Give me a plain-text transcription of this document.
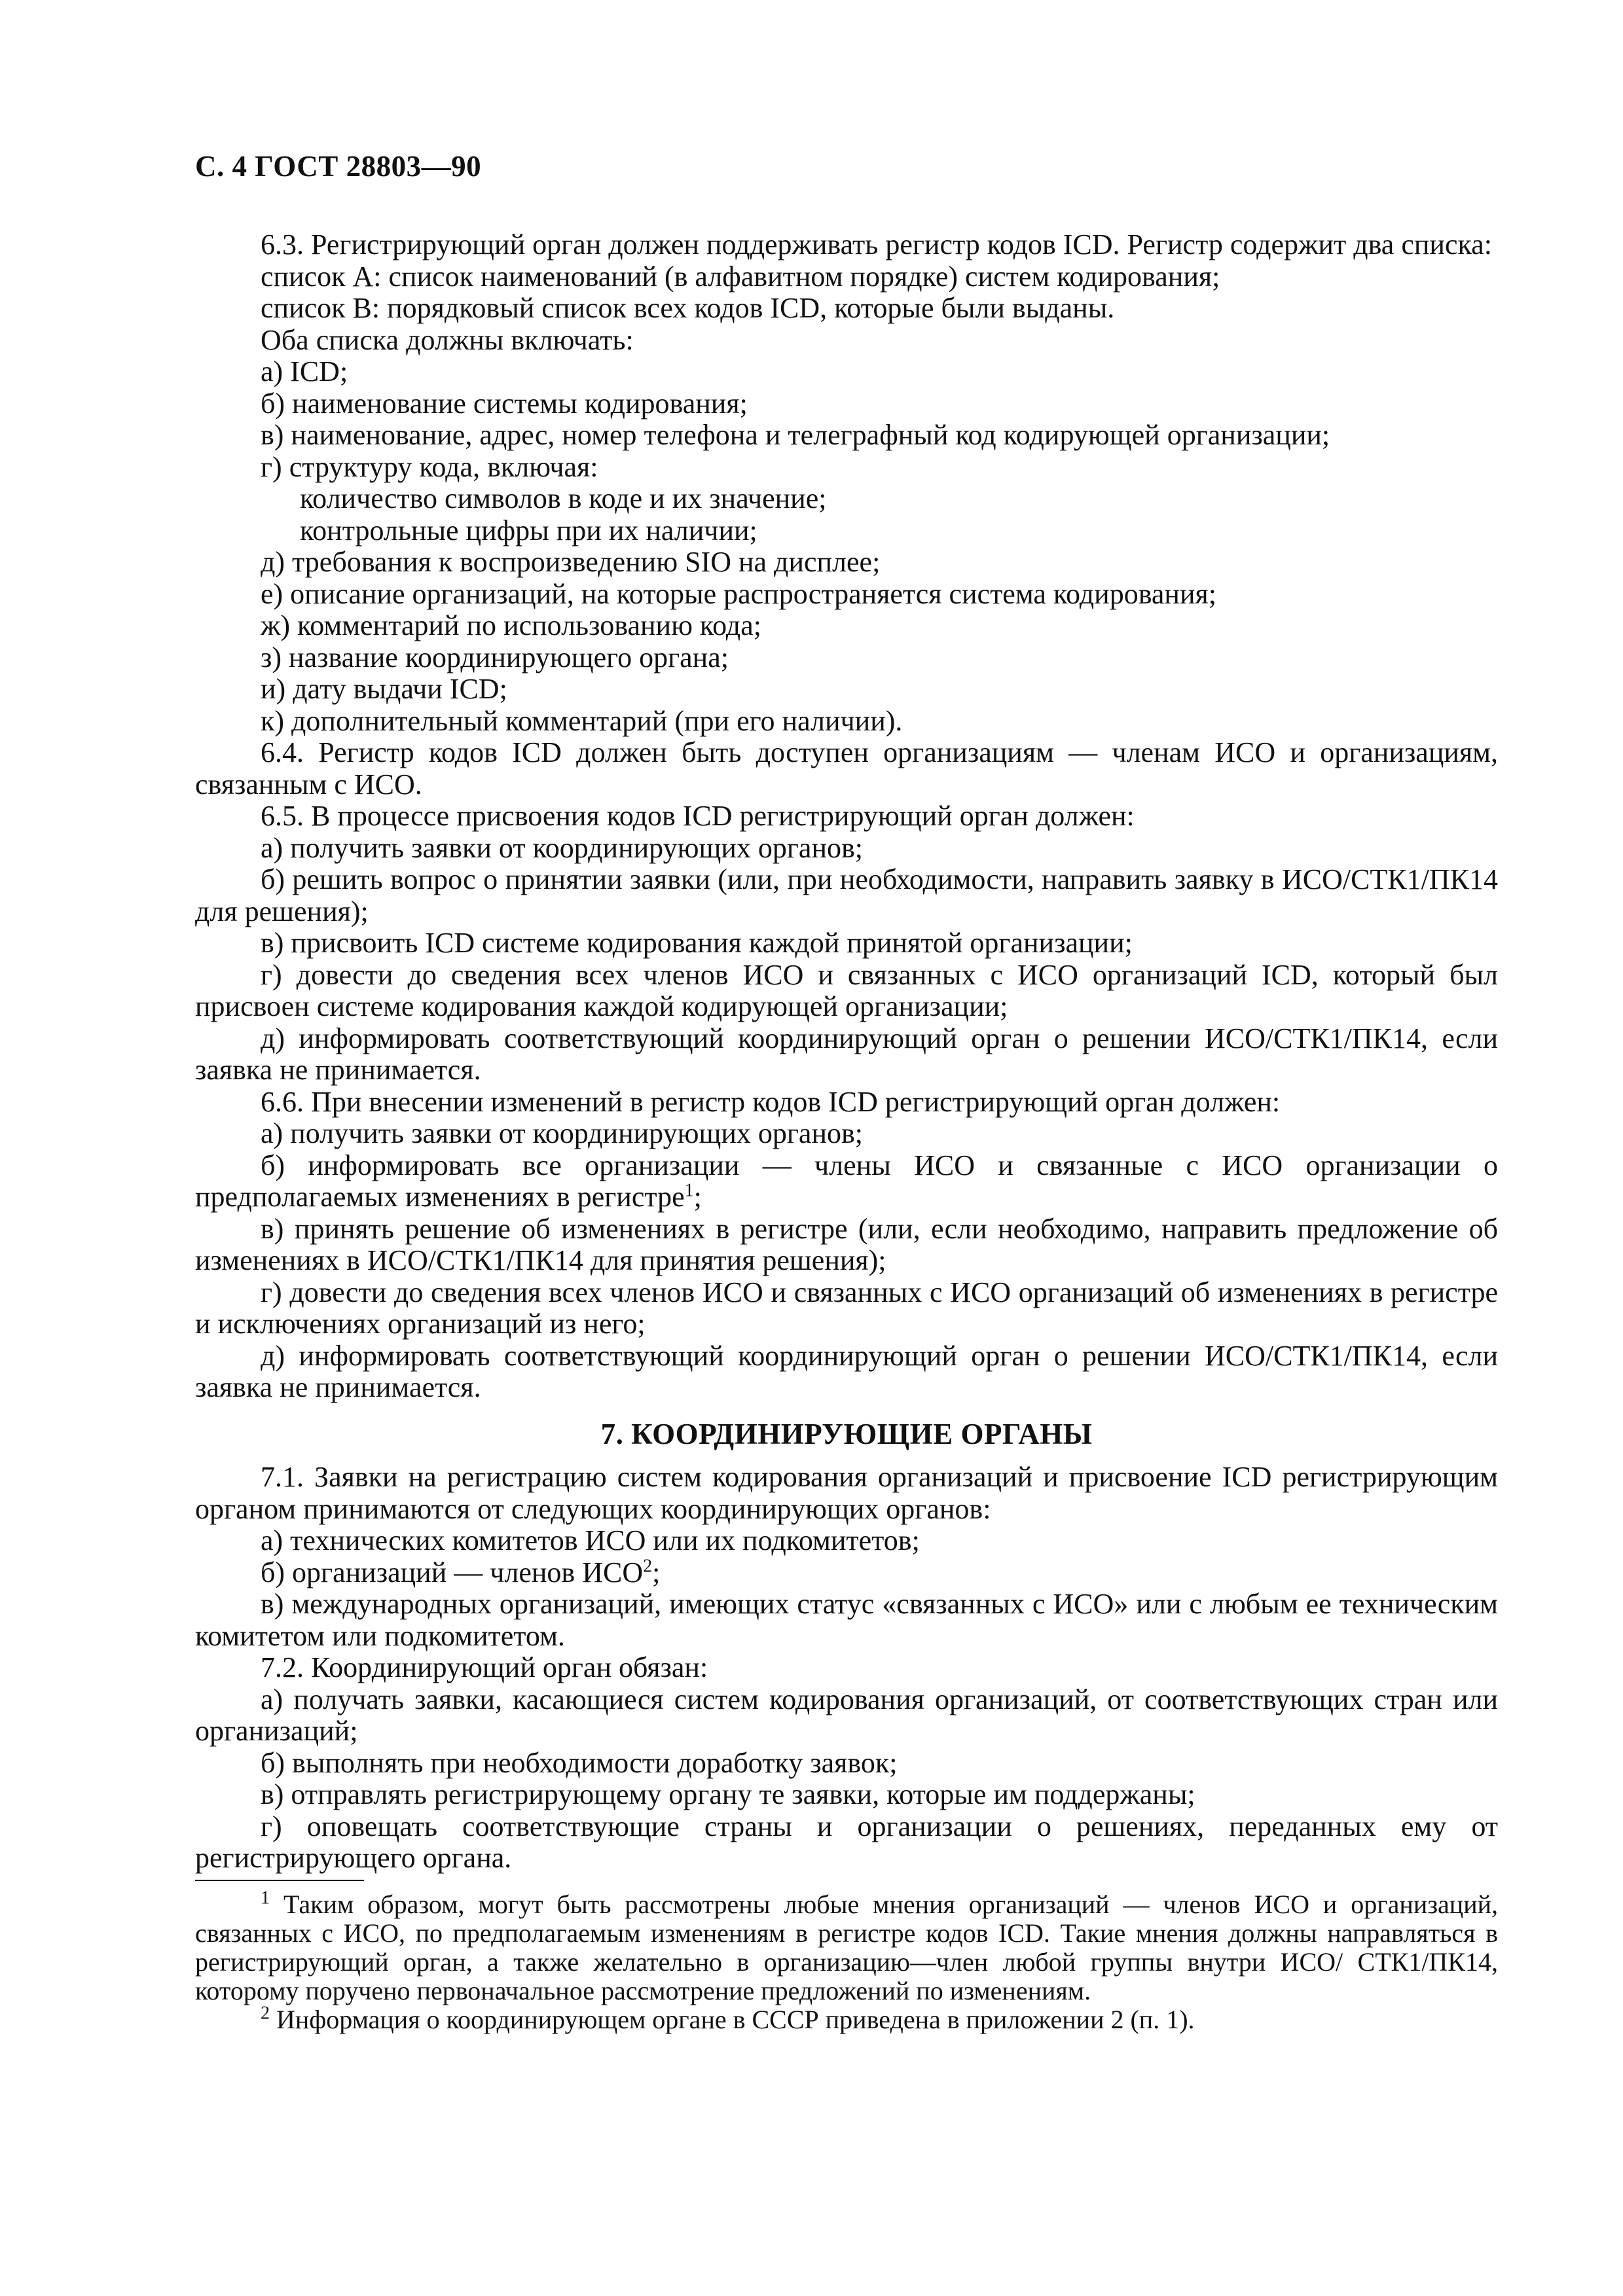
С. 4 ГОСТ 28803—90

6.3. Регистрирующий орган должен поддерживать регистр кодов ICD. Регистр содержит два списка:

список А: список наименований (в алфавитном порядке) систем кодирования;

список В: порядковый список всех кодов ICD, которые были выданы.

Оба списка должны включать:

а) ICD;

б) наименование системы кодирования;

в) наименование, адрес, номер телефона и телеграфный код кодирующей организации;

г) структуру кода, включая:

количество символов в коде и их значение;

контрольные цифры при их наличии;

д) требования к воспроизведению SIO на дисплее;

е) описание организаций, на которые распространяется система кодирования;

ж) комментарий по использованию кода;

з) название координирующего органа;

и) дату выдачи ICD;

к) дополнительный комментарий (при его наличии).

6.4. Регистр кодов ICD должен быть доступен организациям — членам ИСО и организациям, связанным с ИСО.

6.5. В процессе присвоения кодов ICD регистрирующий орган должен:

а) получить заявки от координирующих органов;

б) решить вопрос о принятии заявки (или, при необходимости, направить заявку в ИСО/СТК1/ПК14 для решения);

в) присвоить ICD системе кодирования каждой принятой организации;

г) довести до сведения всех членов ИСО и связанных с ИСО организаций ICD, который был присвоен системе кодирования каждой кодирующей организации;

д) информировать соответствующий координирующий орган о решении ИСО/СТК1/ПК14, если заявка не принимается.

6.6. При внесении изменений в регистр кодов ICD регистрирующий орган должен:

а) получить заявки от координирующих органов;

б) информировать все организации — члены ИСО и связанные с ИСО организации о предполагаемых изменениях в регистре$^1$;

в) принять решение об изменениях в регистре (или, если необходимо, направить предложение об изменениях в ИСО/СТК1/ПК14 для принятия решения);

г) довести до сведения всех членов ИСО и связанных с ИСО организаций об изменениях в регистре и исключениях организаций из него;

д) информировать соответствующий координирующий орган о решении ИСО/СТК1/ПК14, если заявка не принимается.

7. КООРДИНИРУЮЩИЕ ОРГАНЫ

7.1. Заявки на регистрацию систем кодирования организаций и присвоение ICD регистрирующим органом принимаются от следующих координирующих органов:

а) технических комитетов ИСО или их подкомитетов;

б) организаций — членов ИСО$^2$;

в) международных организаций, имеющих статус «связанных с ИСО» или с любым ее техническим комитетом или подкомитетом.

7.2. Координирующий орган обязан:

а) получать заявки, касающиеся систем кодирования организаций, от соответствующих стран или организаций;

б) выполнять при необходимости доработку заявок;

в) отправлять регистрирующему органу те заявки, которые им поддержаны;

г) оповещать соответствующие страны и организации о решениях, переданных ему от регистрирующего органа.

$^1$ Таким образом, могут быть рассмотрены любые мнения организаций — членов ИСО и организаций, связанных с ИСО, по предполагаемым изменениям в регистре кодов ICD. Такие мнения должны направляться в регистрирующий орган, а также желательно в организацию—член любой группы внутри ИСО/ СТК1/ПК14, которому поручено первоначальное рассмотрение предложений по изменениям.

$^2$ Информация о координирующем органе в СССР приведена в приложении 2 (п. 1).
